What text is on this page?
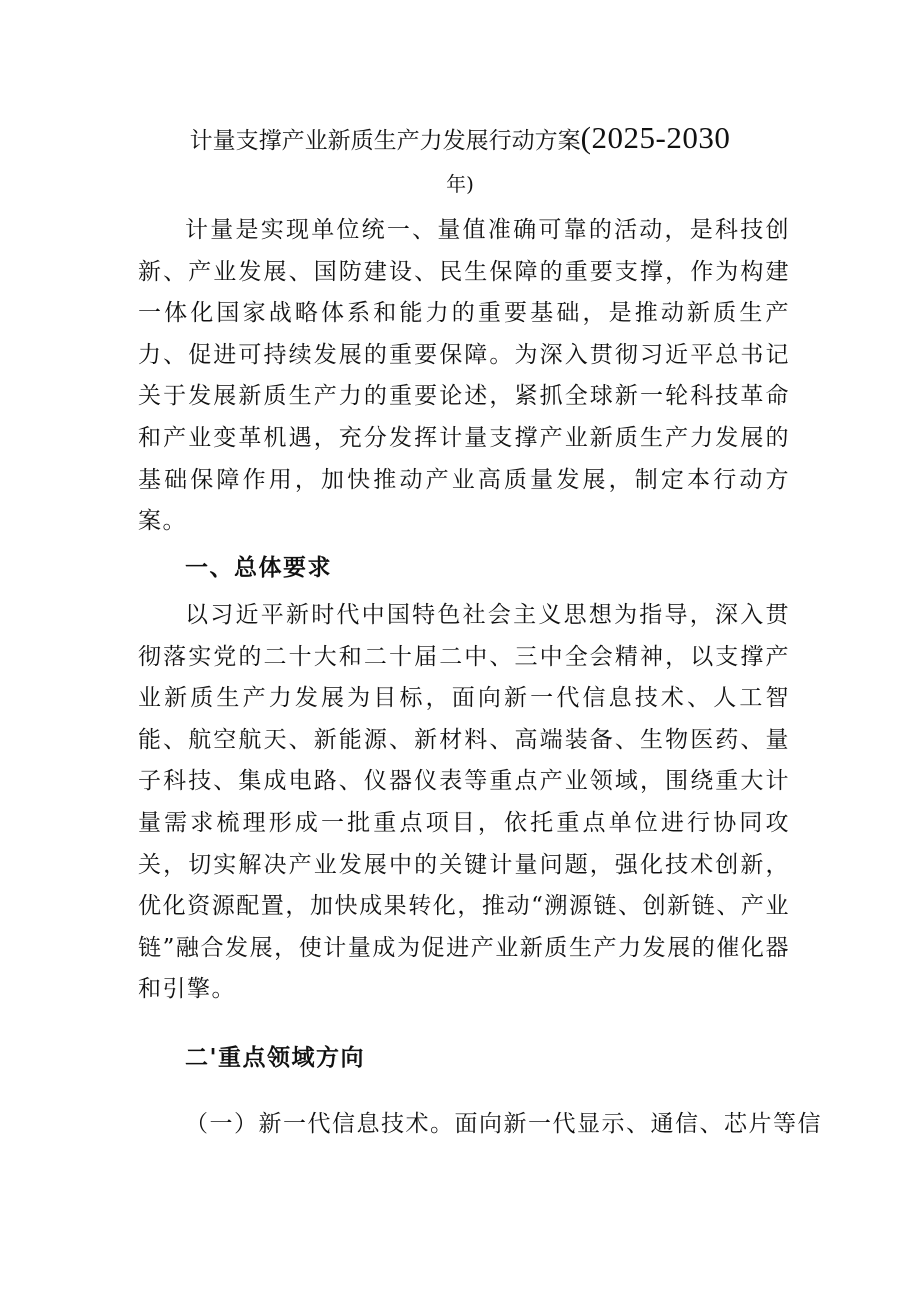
计量支撑产业新质生产力发展行动方案(2025-2030
年)

计量是实现单位统一、量值准确可靠的活动，是科技创新、产业发展、国防建设、民生保障的重要支撑，作为构建一体化国家战略体系和能力的重要基础，是推动新质生产力、促进可持续发展的重要保障。为深入贯彻习近平总书记关于发展新质生产力的重要论述，紧抓全球新一轮科技革命和产业变革机遇，充分发挥计量支撑产业新质生产力发展的基础保障作用，加快推动产业高质量发展，制定本行动方案。

一、总体要求

以习近平新时代中国特色社会主义思想为指导，深入贯彻落实党的二十大和二十届二中、三中全会精神，以支撑产业新质生产力发展为目标，面向新一代信息技术、人工智能、航空航天、新能源、新材料、高端装备、生物医药、量子科技、集成电路、仪器仪表等重点产业领域，围绕重大计量需求梳理形成一批重点项目，依托重点单位进行协同攻关，切实解决产业发展中的关键计量问题，强化技术创新，优化资源配置，加快成果转化，推动“溯源链、创新链、产业链”融合发展，使计量成为促进产业新质生产力发展的催化器和引擎。

二'重点领域方向
（一）新一代信息技术。面向新一代显示、通信、芯片等信
